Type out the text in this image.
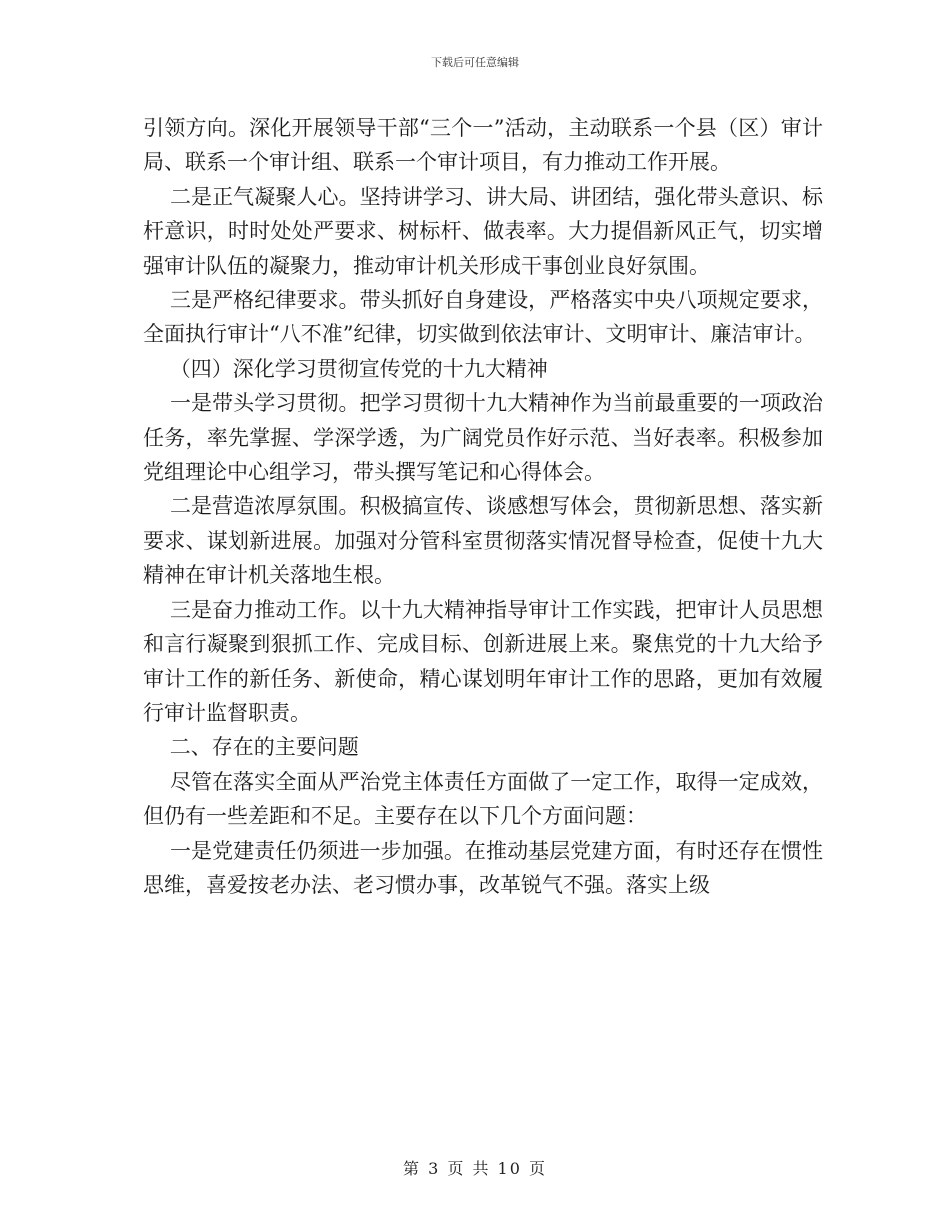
下载后可任意编辑

引领方向。深化开展领导干部“三个一”活动，主动联系一个县（区）审计局、联系一个审计组、联系一个审计项目，有力推动工作开展。

二是正气凝聚人心。坚持讲学习、讲大局、讲团结，强化带头意识、标杆意识，时时处处严要求、树标杆、做表率。大力提倡新风正气，切实增强审计队伍的凝聚力，推动审计机关形成干事创业良好氛围。

三是严格纪律要求。带头抓好自身建设，严格落实中央八项规定要求，全面执行审计“八不准”纪律，切实做到依法审计、文明审计、廉洁审计。

（四）深化学习贯彻宣传党的十九大精神

一是带头学习贯彻。把学习贯彻十九大精神作为当前最重要的一项政治任务，率先掌握、学深学透，为广阔党员作好示范、当好表率。积极参加党组理论中心组学习，带头撰写笔记和心得体会。

二是营造浓厚氛围。积极搞宣传、谈感想写体会，贯彻新思想、落实新要求、谋划新进展。加强对分管科室贯彻落实情况督导检查，促使十九大精神在审计机关落地生根。

三是奋力推动工作。以十九大精神指导审计工作实践，把审计人员思想和言行凝聚到狠抓工作、完成目标、创新进展上来。聚焦党的十九大给予审计工作的新任务、新使命，精心谋划明年审计工作的思路，更加有效履行审计监督职责。

二、存在的主要问题

尽管在落实全面从严治党主体责任方面做了一定工作，取得一定成效，但仍有一些差距和不足。主要存在以下几个方面问题：

一是党建责任仍须进一步加强。在推动基层党建方面，有时还存在惯性思维，喜爱按老办法、老习惯办事，改革锐气不强。落实上级

第 3 页 共 10 页
